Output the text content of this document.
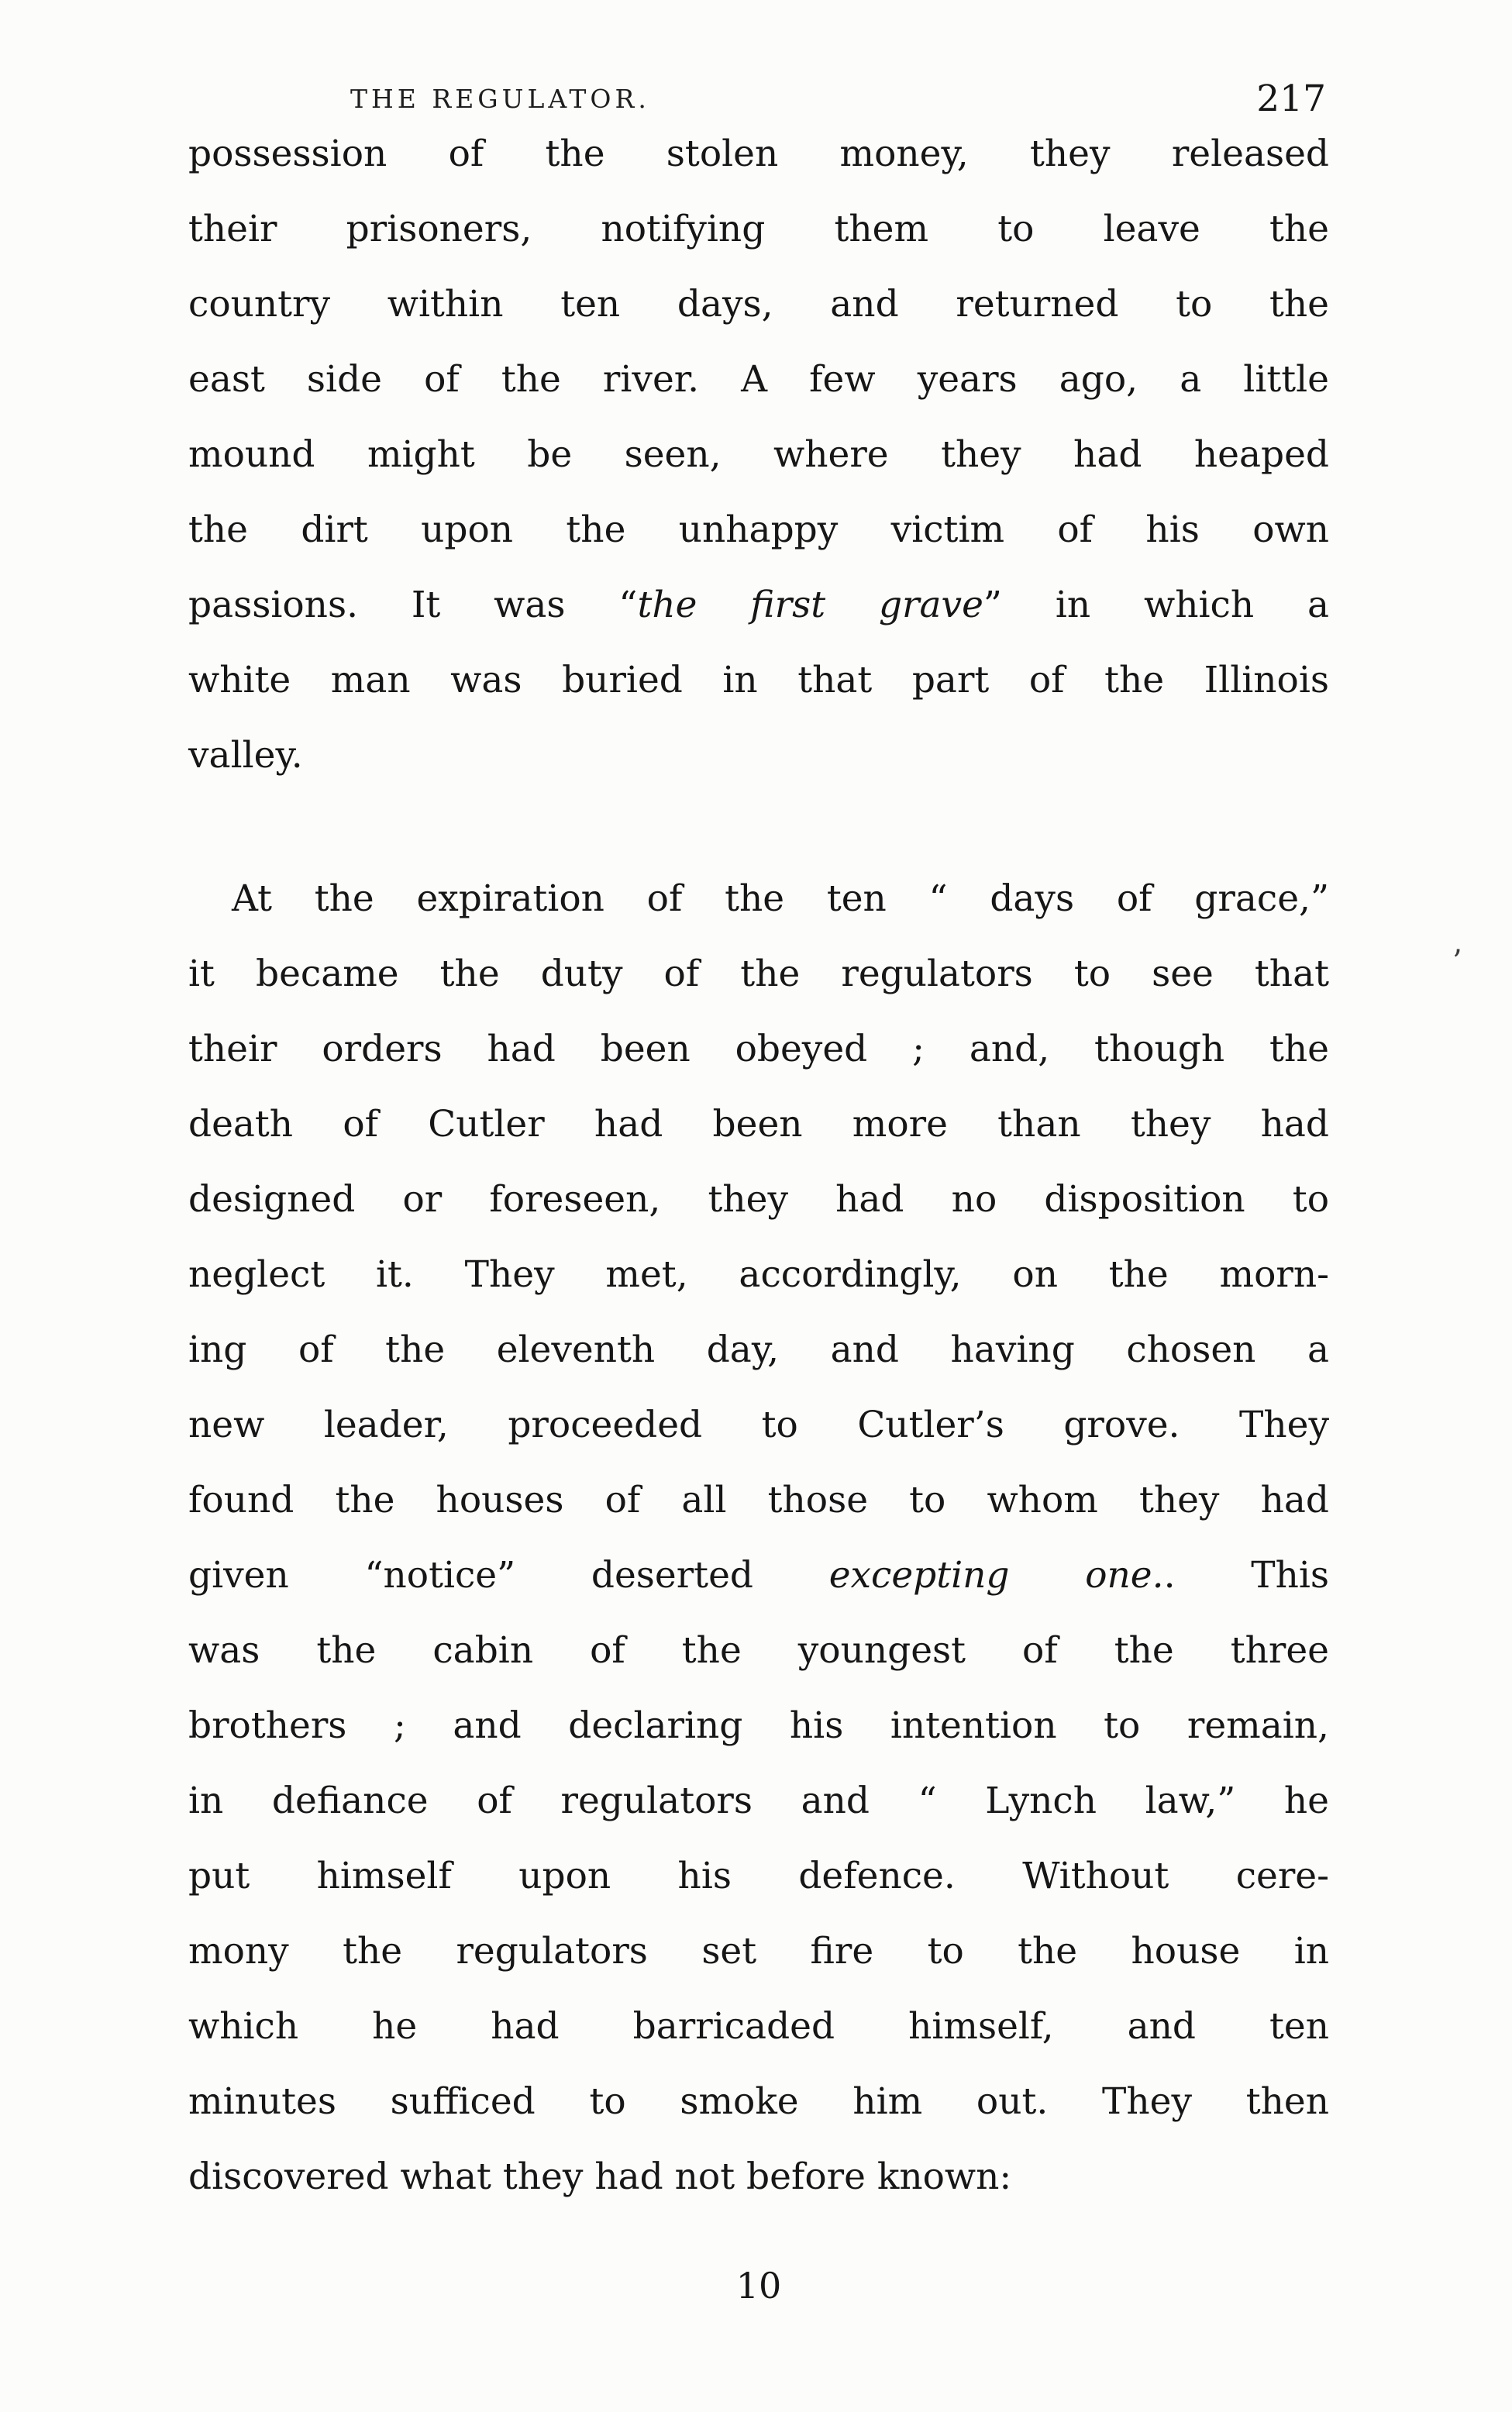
THE REGULATOR.	217
possession of the stolen money, they released
their prisoners, notifying them to leave the
country within ten days, and returned to the
east side of the river. A few years ago, a little
mound might be seen, where they had heaped
the dirt upon the unhappy victim of his own
passions. It was “the first grave” in which a
white man was buried in that part of the Illinois
valley.
At the expiration of the ten “ days of grace,”
it became the duty of the regulators to see that
their orders had been obeyed ; and, though the
death of Cutler had been more than they had
designed or foreseen, they had no disposition to
neglect it. They met, accordingly, on the morn-
ing of the eleventh day, and having chosen a
new leader, proceeded to Cutler’s grove. They
found the houses of all those to whom they had
given “notice” deserted excepting one.. This
was the cabin of the youngest of the three
brothers ; and declaring his intention to remain,
in defiance of regulators and “ Lynch law,” he
put himself upon his defence. Without cere-
mony the regulators set fire to the house in
which he had barricaded himself, and ten
minutes sufficed to smoke him out. They then
discovered what they had not before known:
’
10
